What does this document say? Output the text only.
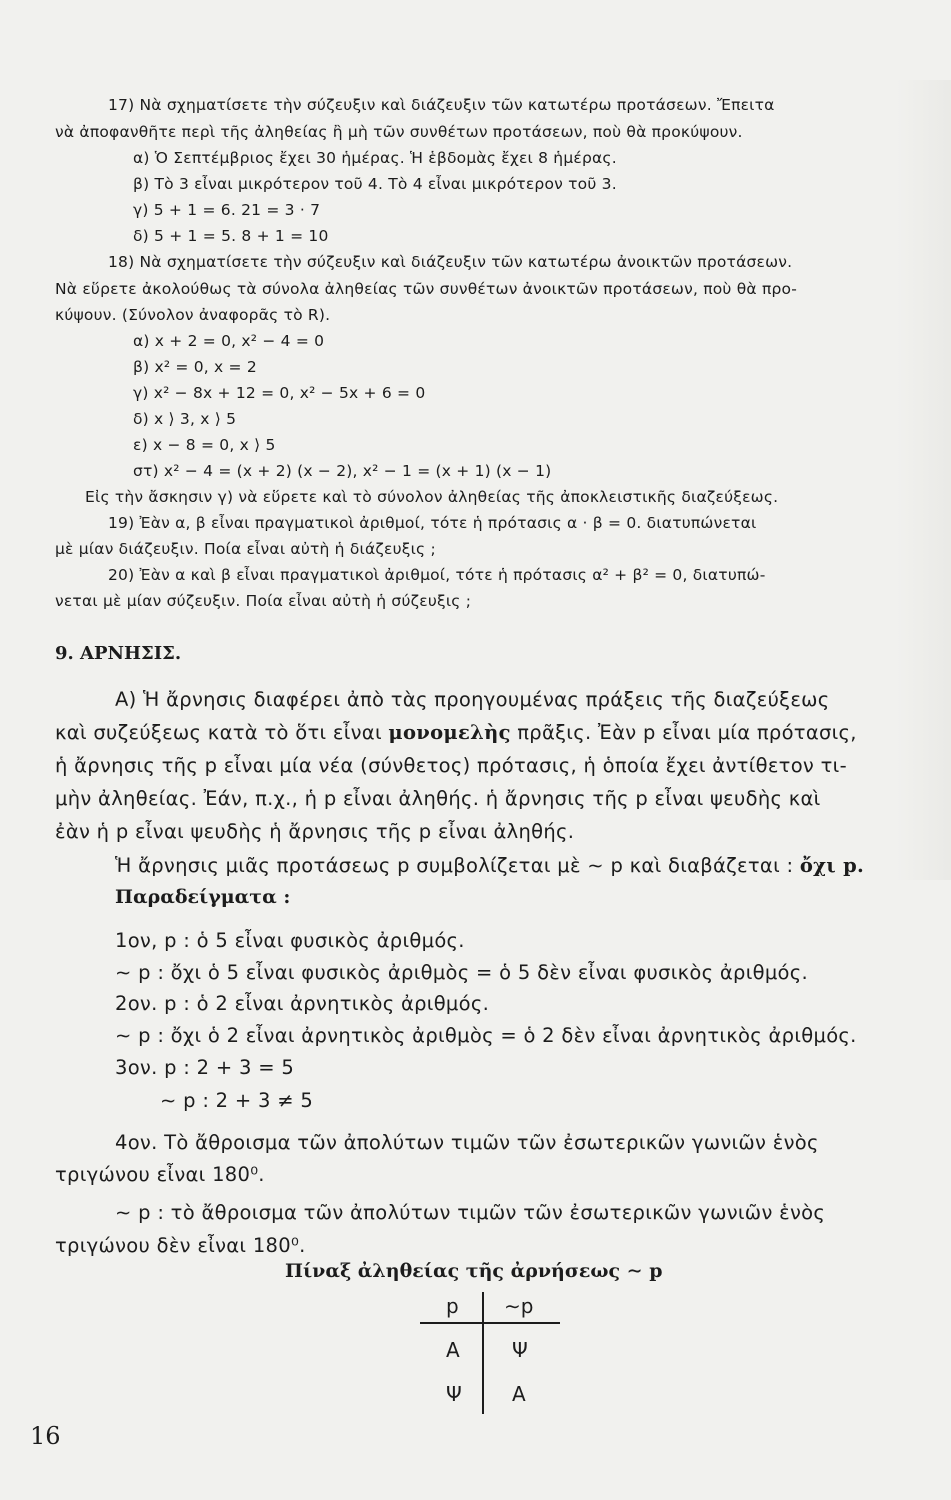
17) Νὰ σχηματίσετε τὴν σύζευξιν καὶ διάζευξιν τῶν κατωτέρω προτάσεων. Ἔπειτα
νὰ ἀποφανθῆτε περὶ τῆς ἀληθείας ἢ μὴ τῶν συνθέτων προτάσεων, ποὺ θὰ προκύψουν.
α) Ὁ Σεπτέμβριος ἔχει 30 ἡμέρας. Ἡ ἑβδομὰς ἔχει 8 ἡμέρας.
β) Τὸ 3 εἶναι μικρότερον τοῦ 4. Τὸ 4 εἶναι μικρότερον τοῦ 3.
γ) 5 + 1 = 6. 21 = 3 · 7
δ) 5 + 1 = 5. 8 + 1 = 10
18) Νὰ σχηματίσετε τὴν σύζευξιν καὶ διάζευξιν τῶν κατωτέρω ἀνοικτῶν προτάσεων.
Νὰ εὕρετε ἀκολούθως τὰ σύνολα ἀληθείας τῶν συνθέτων ἀνοικτῶν προτάσεων, ποὺ θὰ προ-
κύψουν. (Σύνολον ἀναφορᾶς τὸ R).
α) x + 2 = 0, x² − 4 = 0
β) x² = 0, x = 2
γ) x² − 8x + 12 = 0, x² − 5x + 6 = 0
δ) x ⟩ 3, x ⟩ 5
ε) x − 8 = 0, x ⟩ 5
στ) x² − 4 = (x + 2) (x − 2), x² − 1 = (x + 1) (x − 1)
Εἰς τὴν ἄσκησιν γ) νὰ εὕρετε καὶ τὸ σύνολον ἀληθείας τῆς ἀποκλειστικῆς διαζεύξεως.
19) Ἐὰν α, β εἶναι πραγματικοὶ ἀριθμοί, τότε ἡ πρότασις α · β = 0. διατυπώνεται
μὲ μίαν διάζευξιν. Ποία εἶναι αὐτὴ ἡ διάζευξις ;
20) Ἐὰν α καὶ β εἶναι πραγματικοὶ ἀριθμοί, τότε ἡ πρότασις α² + β² = 0, διατυπώ-
νεται μὲ μίαν σύζευξιν. Ποία εἶναι αὐτὴ ἡ σύζευξις ;
9. ΑΡΝΗΣΙΣ.
Α) Ἡ ἄρνησις διαφέρει ἀπὸ τὰς προηγουμένας πράξεις τῆς διαζεύξεως
καὶ συζεύξεως κατὰ τὸ ὅτι εἶναι μονομελὴς πρᾶξις. Ἐὰν p εἶναι μία πρότασις,
ἡ ἄρνησις τῆς p εἶναι μία νέα (σύνθετος) πρότασις, ἡ ὁποία ἔχει ἀντίθετον τι-
μὴν ἀληθείας. Ἐάν, π.χ., ἡ p εἶναι ἀληθής. ἡ ἄρνησις τῆς p εἶναι ψευδὴς καὶ
ἐὰν ἡ p εἶναι ψευδὴς ἡ ἄρνησις τῆς p εἶναι ἀληθής.
Ἡ ἄρνησις μιᾶς προτάσεως p συμβολίζεται μὲ ∼ p καὶ διαβάζεται : ὄχι p.
Παραδείγματα :
1ον, p : ὁ 5 εἶναι φυσικὸς ἀριθμός.
∼ p : ὄχι ὁ 5 εἶναι φυσικὸς ἀριθμὸς = ὁ 5 δὲν εἶναι φυσικὸς ἀριθμός.
2ον. p : ὁ 2 εἶναι ἀρνητικὸς ἀριθμός.
∼ p : ὄχι ὁ 2 εἶναι ἀρνητικὸς ἀριθμὸς = ὁ 2 δὲν εἶναι ἀρνητικὸς ἀριθμός.
3ον. p : 2 + 3 = 5
∼ p : 2 + 3 ≠ 5
4ον. Τὸ ἄθροισμα τῶν ἀπολύτων τιμῶν τῶν ἐσωτερικῶν γωνιῶν ἑνὸς
τριγώνου εἶναι 180⁰.
∼ p : τὸ ἄθροισμα τῶν ἀπολύτων τιμῶν τῶν ἐσωτερικῶν γωνιῶν ἑνὸς
τριγώνου δὲν εἶναι 180⁰.
Πίναξ ἀληθείας τῆς ἀρνήσεως ∼ p
p ∼p
Α	Ψ
Ψ	Α
16
